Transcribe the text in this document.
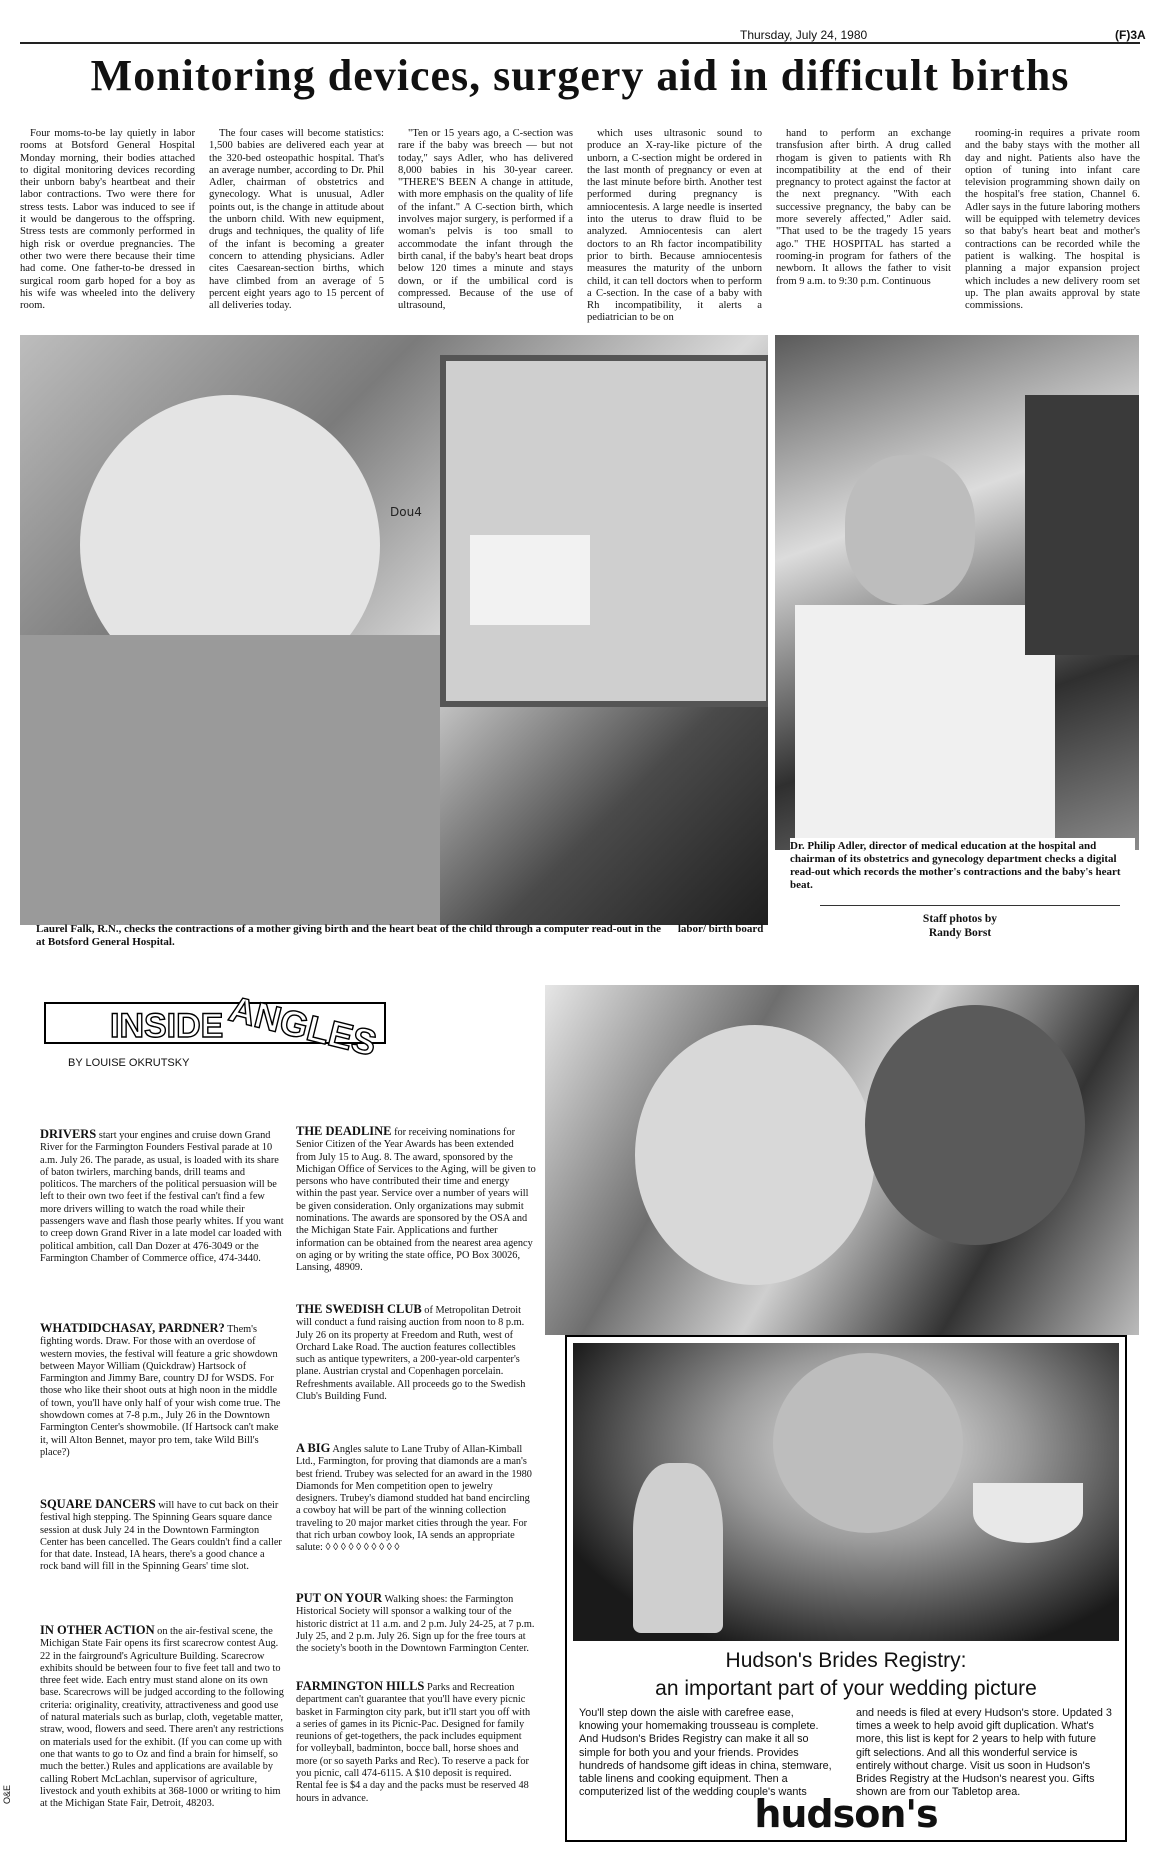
Thursday, July 24, 1980	(F)3A
Monitoring devices, surgery aid in difficult births

Four moms-to-be lay quietly in labor rooms at Botsford General Hospital Monday morning, their bodies attached to digital monitoring devices recording their unborn baby's heartbeat and their labor contractions. Two were there for stress tests. Labor was induced to see if it would be dangerous to the offspring. Stress tests are commonly performed in high risk or overdue pregnancies. The other two were there because their time had come. One father-to-be dressed in surgical room garb hoped for a boy as his wife was wheeled into the delivery room.

The four cases will become statistics: 1,500 babies are delivered each year at the 320-bed osteopathic hospital. That's an average number, according to Dr. Phil Adler, chairman of obstetrics and gynecology. What is unusual, Adler points out, is the change in attitude about the unborn child. With new equipment, drugs and techniques, the quality of life of the infant is becoming a greater concern to attending physicians. Adler cites Caesarean-section births, which have climbed from an average of 5 percent eight years ago to 15 percent of all deliveries today.

"Ten or 15 years ago, a C-section was rare if the baby was breech — but not today," says Adler, who has delivered 8,000 babies in his 30-year career. "THERE'S BEEN A change in attitude, with more emphasis on the quality of life of the infant." A C-section birth, which involves major surgery, is performed if a woman's pelvis is too small to accommodate the infant through the birth canal, if the baby's heart beat drops below 120 times a minute and stays down, or if the umbilical cord is compressed. Because of the use of ultrasound,

which uses ultrasonic sound to produce an X-ray-like picture of the unborn, a C-section might be ordered in the last month of pregnancy or even at the last minute before birth. Another test performed during pregnancy is amniocentesis. A large needle is inserted into the uterus to draw fluid to be analyzed. Amniocentesis can alert doctors to an Rh factor incompatibility prior to birth. Because amniocentesis measures the maturity of the unborn child, it can tell doctors when to perform a C-section. In the case of a baby with Rh incompatibility, it alerts a pediatrician to be on

hand to perform an exchange transfusion after birth. A drug called rhogam is given to patients with Rh incompatibility at the end of their pregnancy to protect against the factor at the next pregnancy. "With each successive pregnancy, the baby can be more severely affected," Adler said. "That used to be the tragedy 15 years ago." THE HOSPITAL has started a rooming-in program for fathers of the newborn. It allows the father to visit from 9 a.m. to 9:30 p.m. Continuous

rooming-in requires a private room and the baby stays with the mother all day and night. Patients also have the option of tuning into infant care television programming shown daily on the hospital's free station, Channel 6. Adler says in the future laboring mothers will be equipped with telemetry devices so that baby's heart beat and mother's contractions can be recorded while the patient is walking. The hospital is planning a major expansion project which includes a new delivery room set up. The plan awaits approval by state commissions.

Dou4
Dr. Philip Adler, director of medical education at the hospital and chairman of its obstetrics and gynecology department checks a digital read-out which records the mother's contractions and the baby's heart beat.
Staff photos by
Randy Borst
Laurel Falk, R.N., checks the contractions of a mother giving birth and the heart beat of the child through a computer read-out in the labor/ birth board at Botsford General Hospital.
INSIDE ANGLES
BY LOUISE OKRUTSKY

DRIVERS start your engines and cruise down Grand River for the Farmington Founders Festival parade at 10 a.m. July 26. The parade, as usual, is loaded with its share of baton twirlers, marching bands, drill teams and politicos. The marchers of the political persuasion will be left to their own two feet if the festival can't find a few more drivers willing to watch the road while their passengers wave and flash those pearly whites. If you want to creep down Grand River in a late model car loaded with political ambition, call Dan Dozer at 476-3049 or the Farmington Chamber of Commerce office, 474-3440.

WHATDIDCHASAY, PARDNER? Them's fighting words. Draw. For those with an overdose of western movies, the festival will feature a gric showdown between Mayor William (Quickdraw) Hartsock of Farmington and Jimmy Bare, country DJ for WSDS. For those who like their shoot outs at high noon in the middle of town, you'll have only half of your wish come true. The showdown comes at 7-8 p.m., July 26 in the Downtown Farmington Center's showmobile. (If Hartsock can't make it, will Alton Bennet, mayor pro tem, take Wild Bill's place?)

SQUARE DANCERS will have to cut back on their festival high stepping. The Spinning Gears square dance session at dusk July 24 in the Downtown Farmington Center has been cancelled. The Gears couldn't find a caller for that date. Instead, IA hears, there's a good chance a rock band will fill in the Spinning Gears' time slot.

IN OTHER ACTION on the air-festival scene, the Michigan State Fair opens its first scarecrow contest Aug. 22 in the fairground's Agriculture Building. Scarecrow exhibits should be between four to five feet tall and two to three feet wide. Each entry must stand alone on its own base. Scarecrows will be judged according to the following criteria: originality, creativity, attractiveness and good use of natural materials such as burlap, cloth, vegetable matter, straw, wood, flowers and seed. There aren't any restrictions on materials used for the exhibit. (If you can come up with one that wants to go to Oz and find a brain for himself, so much the better.) Rules and applications are available by calling Robert McLachlan, supervisor of agriculture, livestock and youth exhibits at 368-1000 or writing to him at the Michigan State Fair, Detroit, 48203.

THE DEADLINE for receiving nominations for Senior Citizen of the Year Awards has been extended from July 15 to Aug. 8. The award, sponsored by the Michigan Office of Services to the Aging, will be given to persons who have contributed their time and energy within the past year. Service over a number of years will be given consideration. Only organizations may submit nominations. The awards are sponsored by the OSA and the Michigan State Fair. Applications and further information can be obtained from the nearest area agency on aging or by writing the state office, PO Box 30026, Lansing, 48909.

THE SWEDISH CLUB of Metropolitan Detroit will conduct a fund raising auction from noon to 8 p.m. July 26 on its property at Freedom and Ruth, west of Orchard Lake Road. The auction features collectibles such as antique typewriters, a 200-year-old carpenter's plane. Austrian crystal and Copenhagen porcelain. Refreshments available. All proceeds go to the Swedish Club's Building Fund.

A BIG Angles salute to Lane Truby of Allan-Kimball Ltd., Farmington, for proving that diamonds are a man's best friend. Trubey was selected for an award in the 1980 Diamonds for Men competition open to jewelry designers. Trubey's diamond studded hat band encircling a cowboy hat will be part of the winning collection traveling to 20 major market cities through the year. For that rich urban cowboy look, IA sends an appropriate salute: ◊ ◊ ◊ ◊ ◊ ◊ ◊ ◊ ◊ ◊

PUT ON YOUR Walking shoes: the Farmington Historical Society will sponsor a walking tour of the historic district at 11 a.m. and 2 p.m. July 24-25, at 7 p.m. July 25, and 2 p.m. July 26. Sign up for the free tours at the society's booth in the Downtown Farmington Center.

FARMINGTON HILLS Parks and Recreation department can't guarantee that you'll have every picnic basket in Farmington city park, but it'll start you off with a series of games in its Picnic-Pac. Designed for family reunions of get-togethers, the pack includes equipment for volleyball, badminton, bocce ball, horse shoes and more (or so sayeth Parks and Rec). To reserve a pack for you picnic, call 474-6115. A $10 deposit is required. Rental fee is $4 a day and the packs must be reserved 48 hours in advance.

Hudson's Brides Registry:
an important part of your wedding picture
You'll step down the aisle with carefree ease, knowing your homemaking trousseau is complete. And Hudson's Brides Registry can make it all so simple for both you and your friends. Provides hundreds of handsome gift ideas in china, stemware, table linens and cooking equipment. Then a computerized list of the wedding couple's wants
and needs is filed at every Hudson's store. Updated 3 times a week to help avoid gift duplication. What's more, this list is kept for 2 years to help with future gift selections. And all this wonderful service is entirely without charge. Visit us soon in Hudson's Brides Registry at the Hudson's nearest you. Gifts shown are from our Tabletop area.
hudson's
O&E
